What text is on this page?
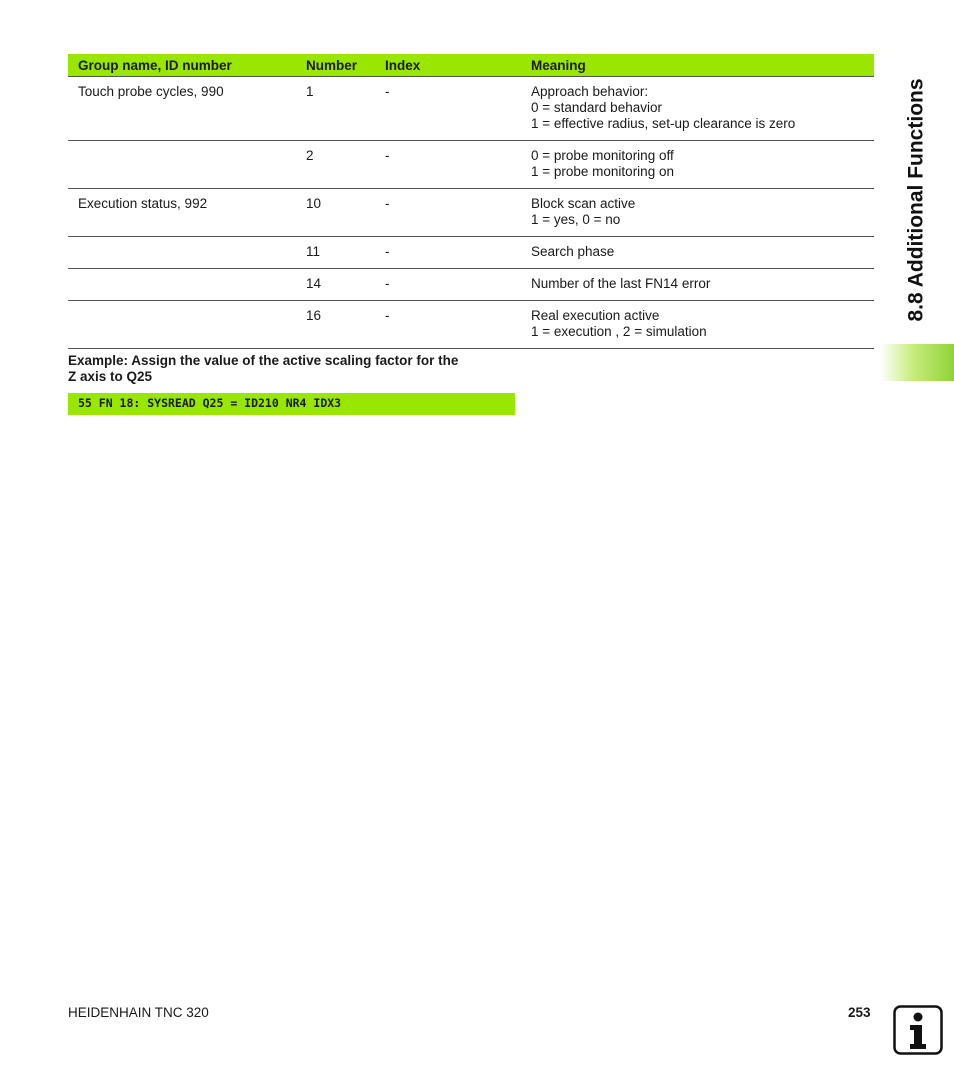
8.8 Additional Functions
Group name, ID number	Number	Index	Meaning
Touch probe cycles, 990	1	-	Approach behavior:
0 = standard behavior
1 = effective radius, set-up clearance is zero

	2	-	0 = probe monitoring off
1 = probe monitoring on

Execution status, 992	10	-	Block scan active
1 = yes, 0 = no

	11	-	Search phase

	14	-	Number of the last FN14 error

	16	-	Real execution active
1 = execution , 2 = simulation
Example: Assign the value of the active scaling factor for the
Z axis to Q25
55 FN 18: SYSREAD Q25 = ID210 NR4 IDX3
HEIDENHAIN TNC 320	253
